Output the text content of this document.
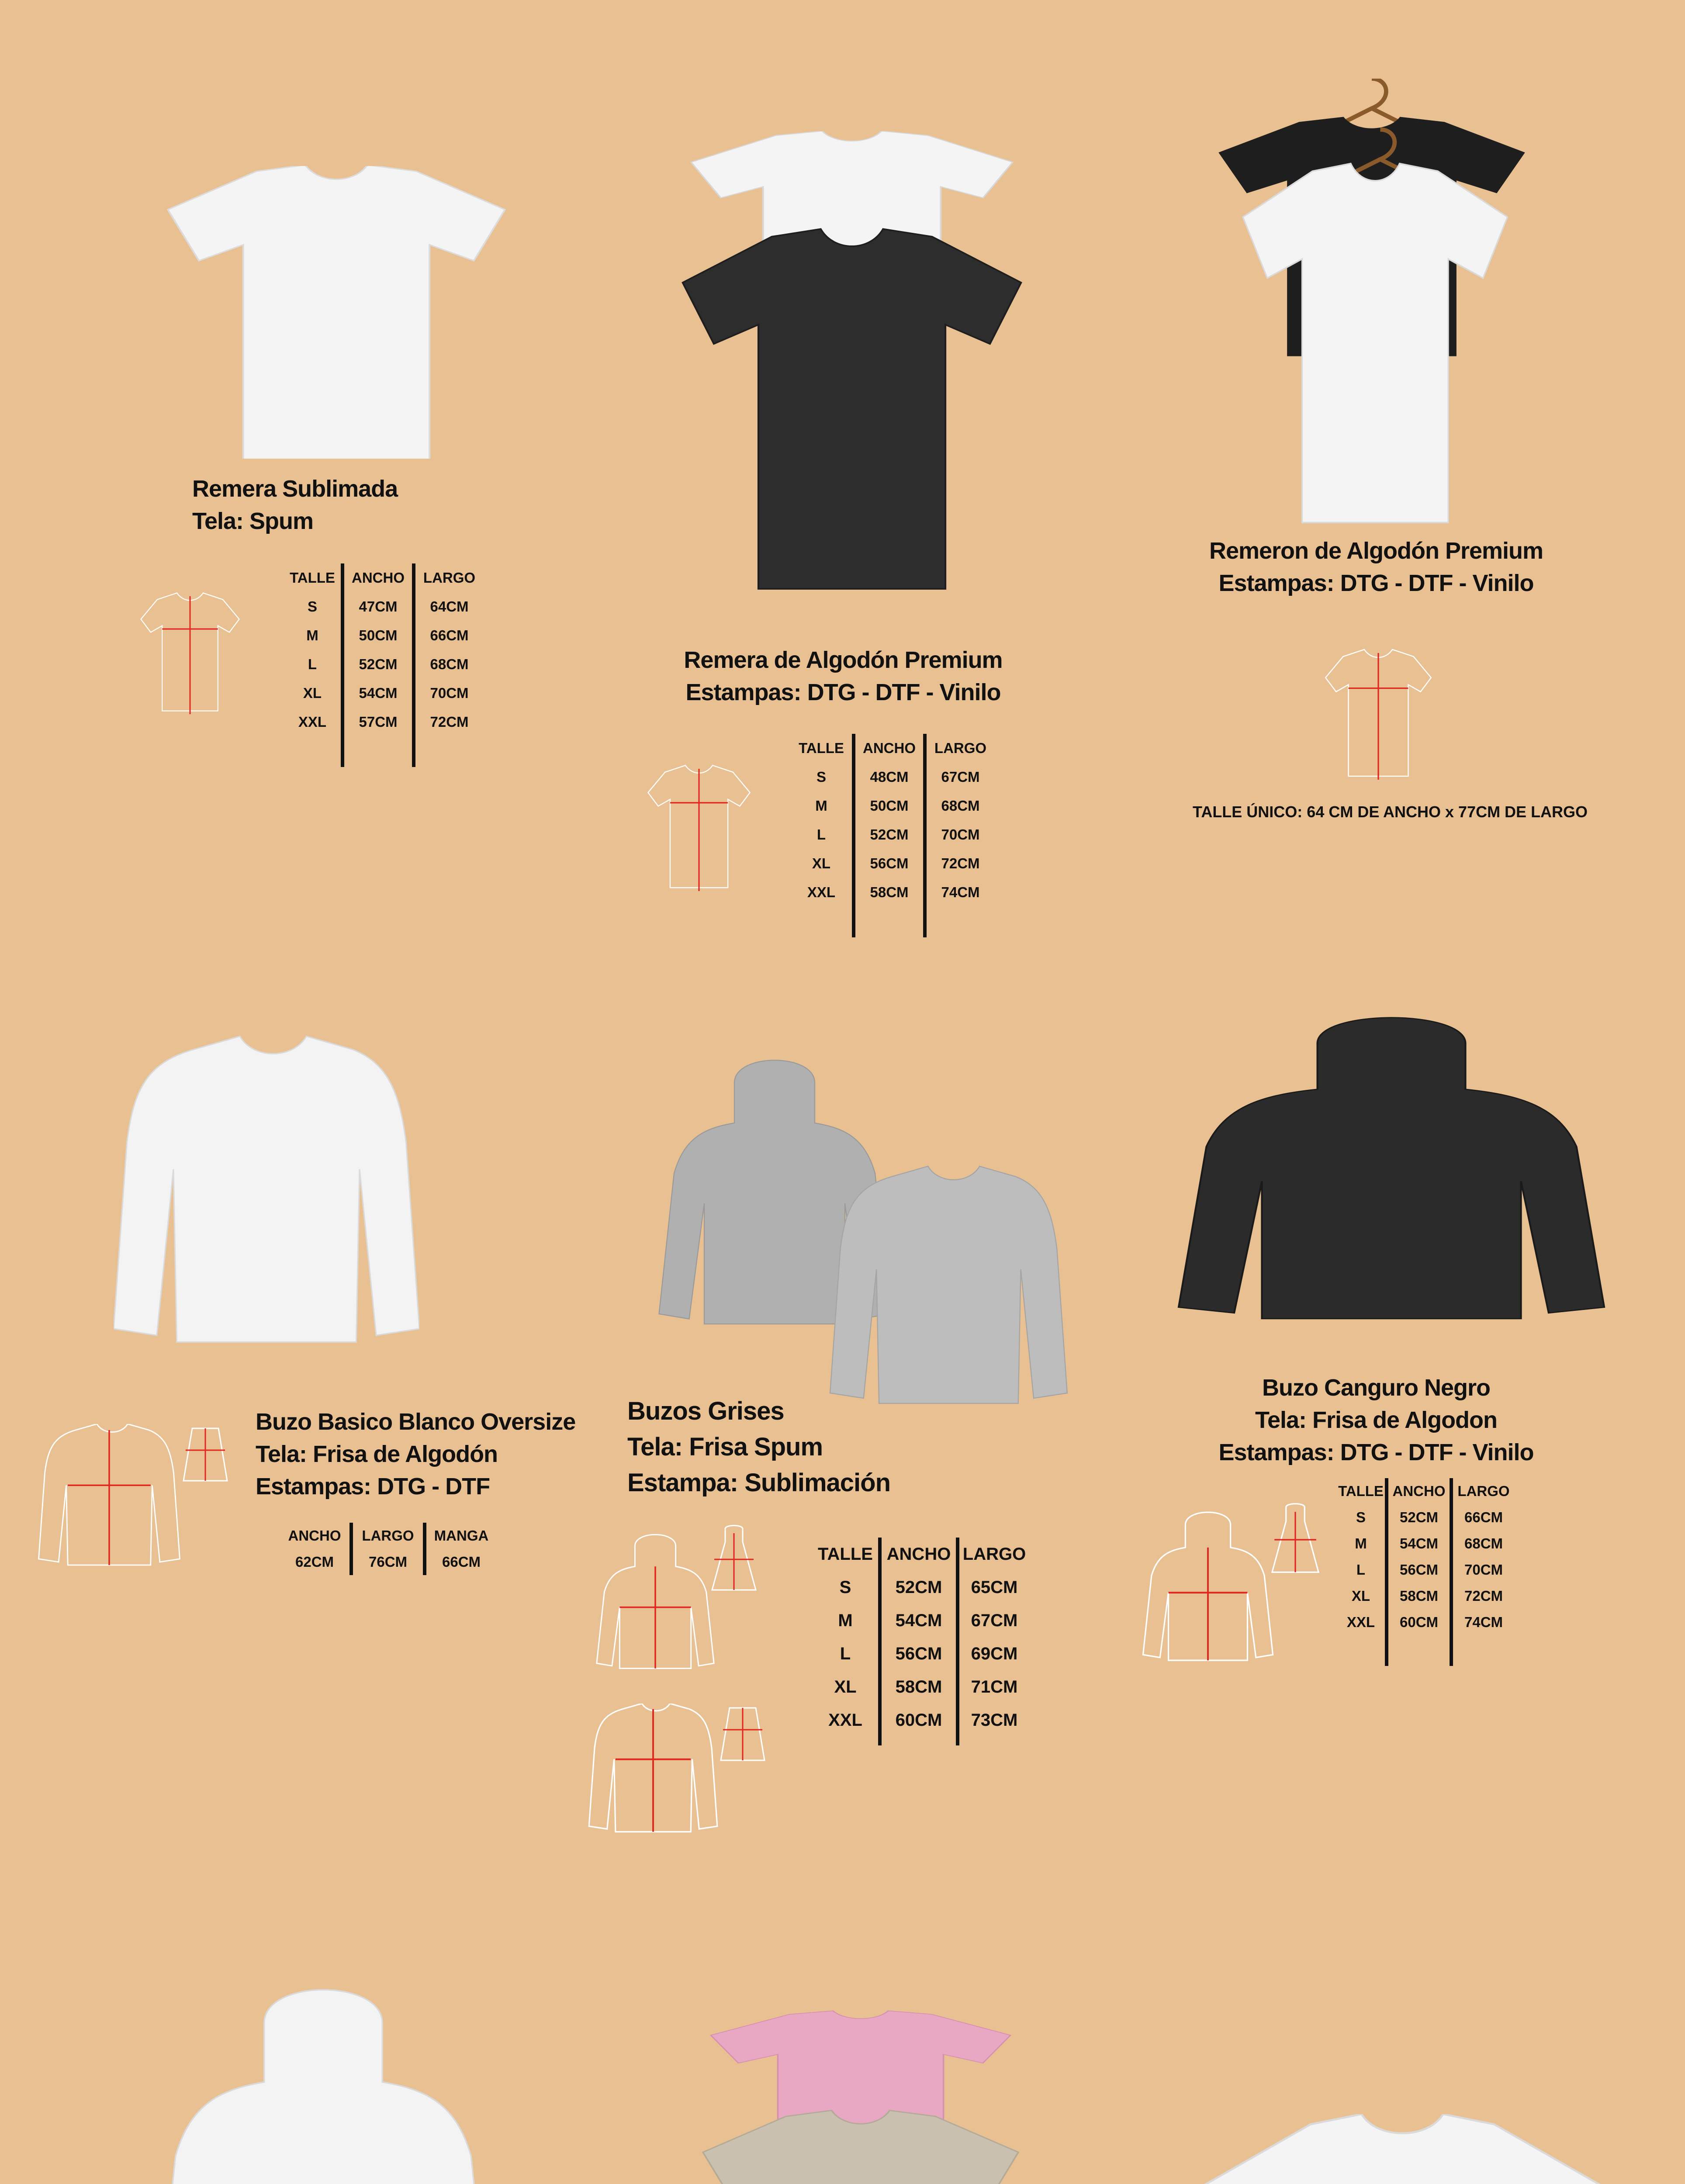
Remera Sublimada
Tela: Spum
TALLE
S
M
L
XL
XXL
ANCHO
47CM
50CM
52CM
54CM
57CM
LARGO
64CM
66CM
68CM
70CM
72CM
Remera de Algodón Premium
Estampas: DTG - DTF - Vinilo
TALLE
S
M
L
XL
XXL
ANCHO
48CM
50CM
52CM
56CM
58CM
LARGO
67CM
68CM
70CM
72CM
74CM
Remeron de Algodón Premium
Estampas: DTG - DTF - Vinilo
TALLE ÚNICO: 64 CM DE ANCHO x 77CM DE LARGO
Buzo Basico Blanco Oversize
Tela: Frisa de Algodón
Estampas: DTG - DTF
ANCHO
62CM
LARGO
76CM
MANGA
66CM
Buzos Grises
Tela: Frisa Spum
Estampa: Sublimación
TALLE
S
M
L
XL
XXL
ANCHO
52CM
54CM
56CM
58CM
60CM
LARGO
65CM
67CM
69CM
71CM
73CM
Buzo Canguro Negro
Tela: Frisa de Algodon
Estampas: DTG - DTF - Vinilo
TALLE
S
M
L
XL
XXL
ANCHO
52CM
54CM
56CM
58CM
60CM
LARGO
66CM
68CM
70CM
72CM
74CM
